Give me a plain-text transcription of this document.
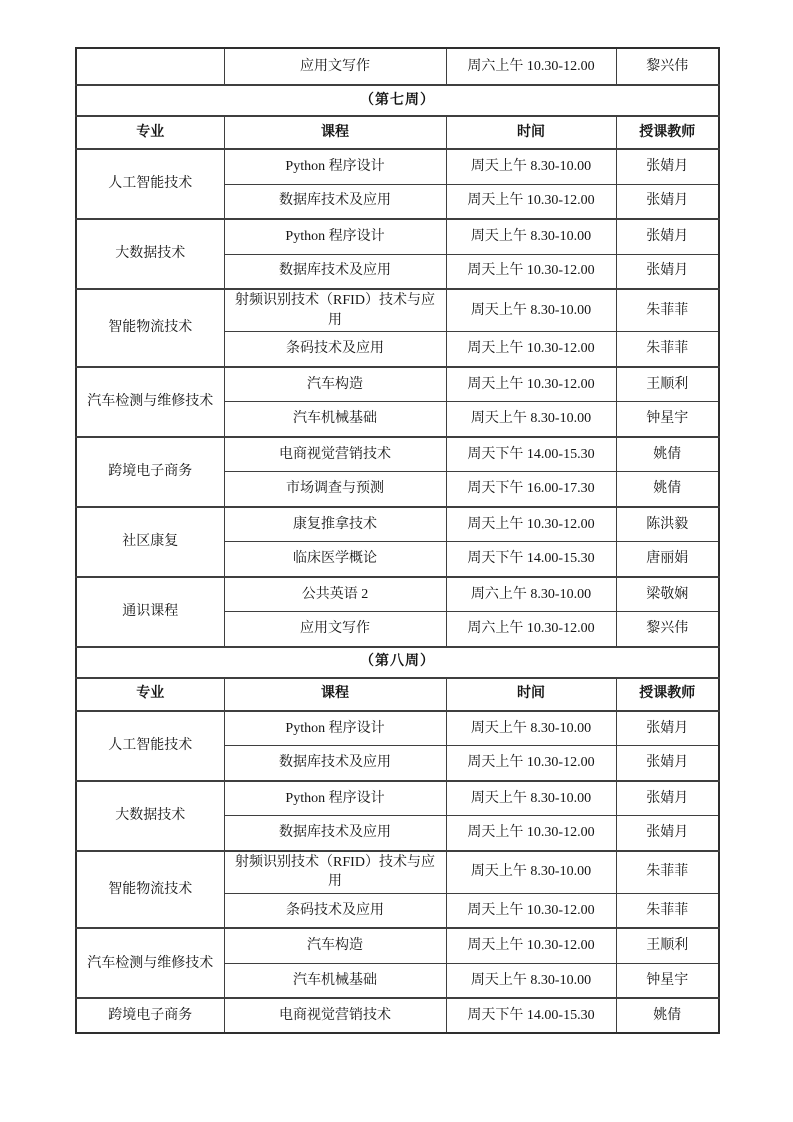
	应用文写作	周六上午 10.30-12.00	黎兴伟
（第七周）			
专业	课程	时间	授课教师
人工智能技术	Python 程序设计	周天上午 8.30-10.00	张婧月
	数据库技术及应用	周天上午 10.30-12.00	张婧月
大数据技术	Python 程序设计	周天上午 8.30-10.00	张婧月
	数据库技术及应用	周天上午 10.30-12.00	张婧月
智能物流技术	射频识别技术（RFID）技术与应用	周天上午 8.30-10.00	朱菲菲
	条码技术及应用	周天上午 10.30-12.00	朱菲菲
汽车检测与维修技术	汽车构造	周天上午 10.30-12.00	王顺利
	汽车机械基础	周天上午 8.30-10.00	钟星宇
跨境电子商务	电商视觉营销技术	周天下午 14.00-15.30	姚倩
	市场调查与预测	周天下午 16.00-17.30	姚倩
社区康复	康复推拿技术	周天上午 10.30-12.00	陈洪毅
	临床医学概论	周天下午 14.00-15.30	唐丽娟
通识课程	公共英语 2	周六上午 8.30-10.00	梁敬娴
	应用文写作	周六上午 10.30-12.00	黎兴伟
（第八周）			
专业	课程	时间	授课教师
人工智能技术	Python 程序设计	周天上午 8.30-10.00	张婧月
	数据库技术及应用	周天上午 10.30-12.00	张婧月
大数据技术	Python 程序设计	周天上午 8.30-10.00	张婧月
	数据库技术及应用	周天上午 10.30-12.00	张婧月
智能物流技术	射频识别技术（RFID）技术与应用	周天上午 8.30-10.00	朱菲菲
	条码技术及应用	周天上午 10.30-12.00	朱菲菲
汽车检测与维修技术	汽车构造	周天上午 10.30-12.00	王顺利
	汽车机械基础	周天上午 8.30-10.00	钟星宇
跨境电子商务	电商视觉营销技术	周天下午 14.00-15.30	姚倩
